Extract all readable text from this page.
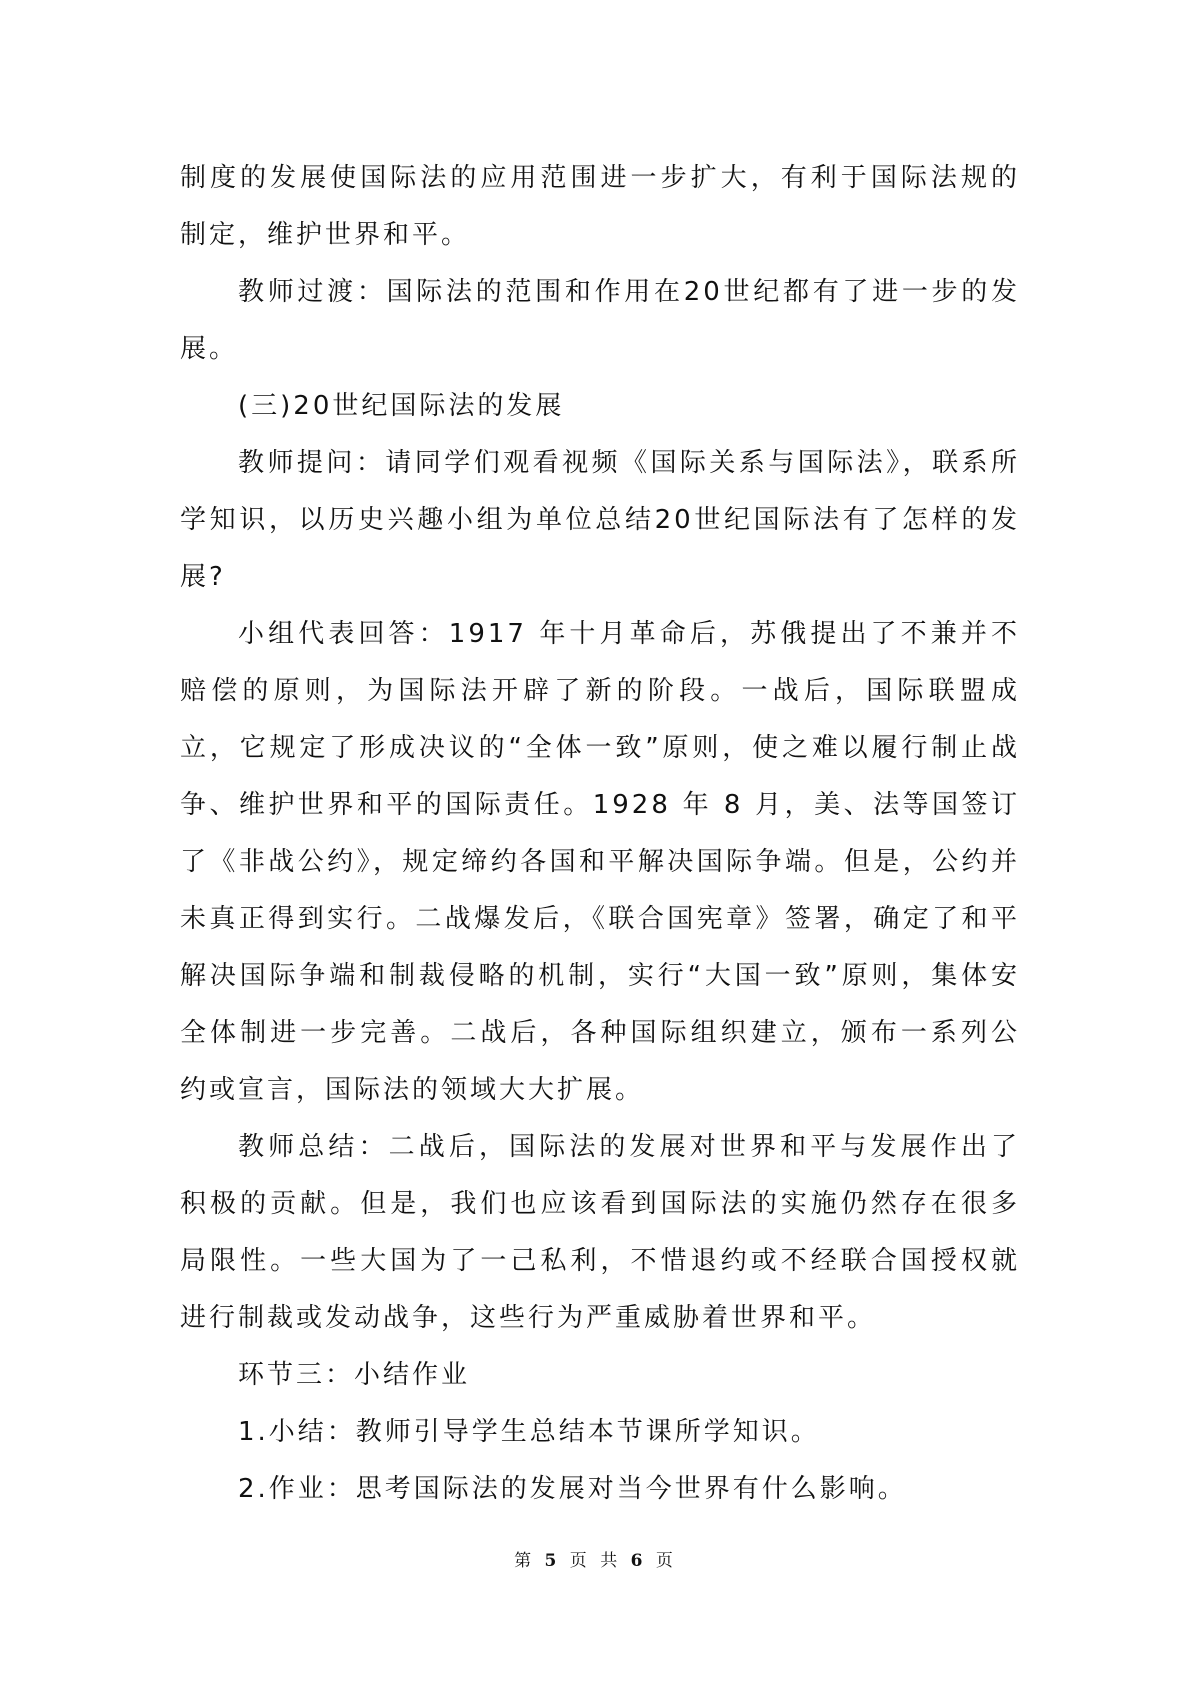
制度的发展使国际法的应用范围进一步扩大，有利于国际法规的制定，维护世界和平。

教师过渡：国际法的范围和作用在20世纪都有了进一步的发展。

(三)20世纪国际法的发展

教师提问：请同学们观看视频《国际关系与国际法》，联系所学知识，以历史兴趣小组为单位总结20世纪国际法有了怎样的发展?

小组代表回答：1917 年十月革命后，苏俄提出了不兼并不赔偿的原则，为国际法开辟了新的阶段。一战后，国际联盟成立，它规定了形成决议的“全体一致”原则，使之难以履行制止战争、维护世界和平的国际责任。1928 年 8 月，美、法等国签订了《非战公约》，规定缔约各国和平解决国际争端。但是，公约并未真正得到实行。二战爆发后，《联合国宪章》签署，确定了和平解决国际争端和制裁侵略的机制，实行“大国一致”原则，集体安全体制进一步完善。二战后，各种国际组织建立，颁布一系列公约或宣言，国际法的领域大大扩展。

教师总结：二战后，国际法的发展对世界和平与发展作出了积极的贡献。但是，我们也应该看到国际法的实施仍然存在很多局限性。一些大国为了一己私利，不惜退约或不经联合国授权就进行制裁或发动战争，这些行为严重威胁着世界和平。

环节三：小结作业

1.小结：教师引导学生总结本节课所学知识。

2.作业：思考国际法的发展对当今世界有什么影响。

第 5 页 共 6 页
